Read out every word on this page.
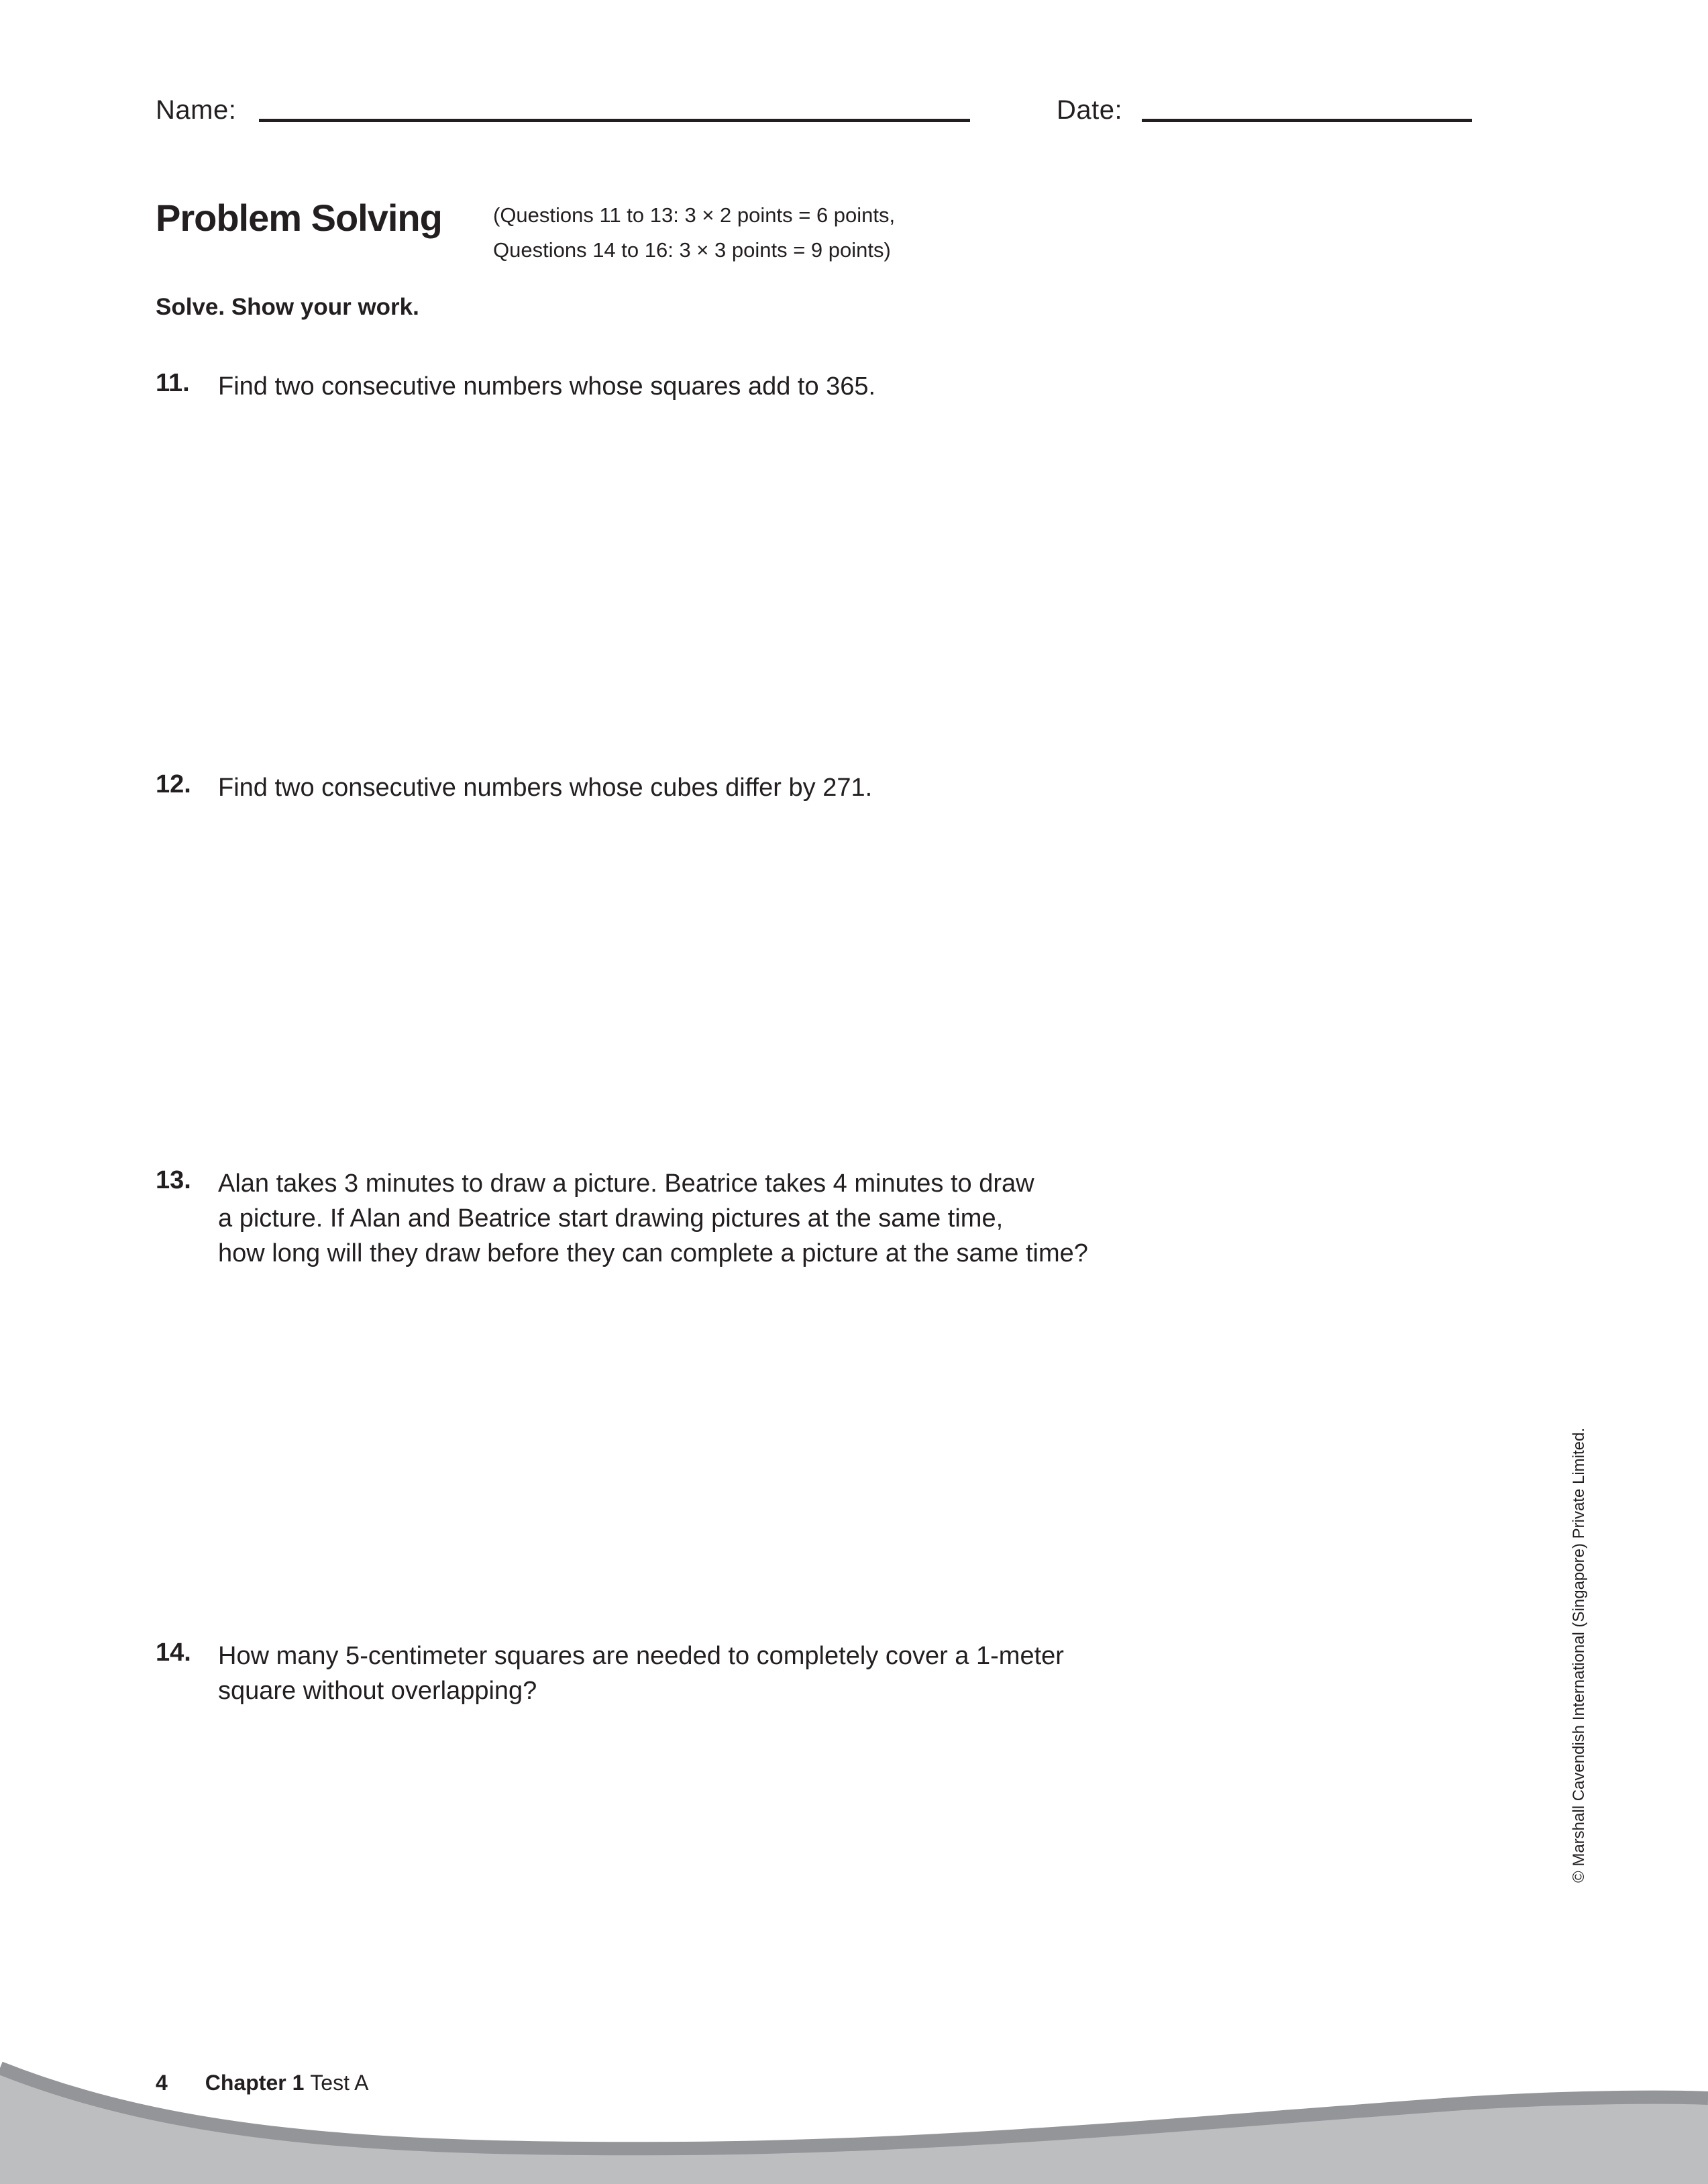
Name:	Date:
Problem Solving (Questions 11 to 13: 3 × 2 points = 6 points,
Questions 14 to 16: 3 × 3 points = 9 points)
Solve. Show your work.
11. Find two consecutive numbers whose squares add to 365.
12. Find two consecutive numbers whose cubes differ by 271.
13. Alan takes 3 minutes to draw a picture. Beatrice takes 4 minutes to draw
a picture. If Alan and Beatrice start drawing pictures at the same time,
how long will they draw before they can complete a picture at the same time?
14. How many 5-centimeter squares are needed to completely cover a 1-meter
square without overlapping?	© Marshall Cavendish International (Singapore) Private Limited.
4 Chapter 1 Test A
